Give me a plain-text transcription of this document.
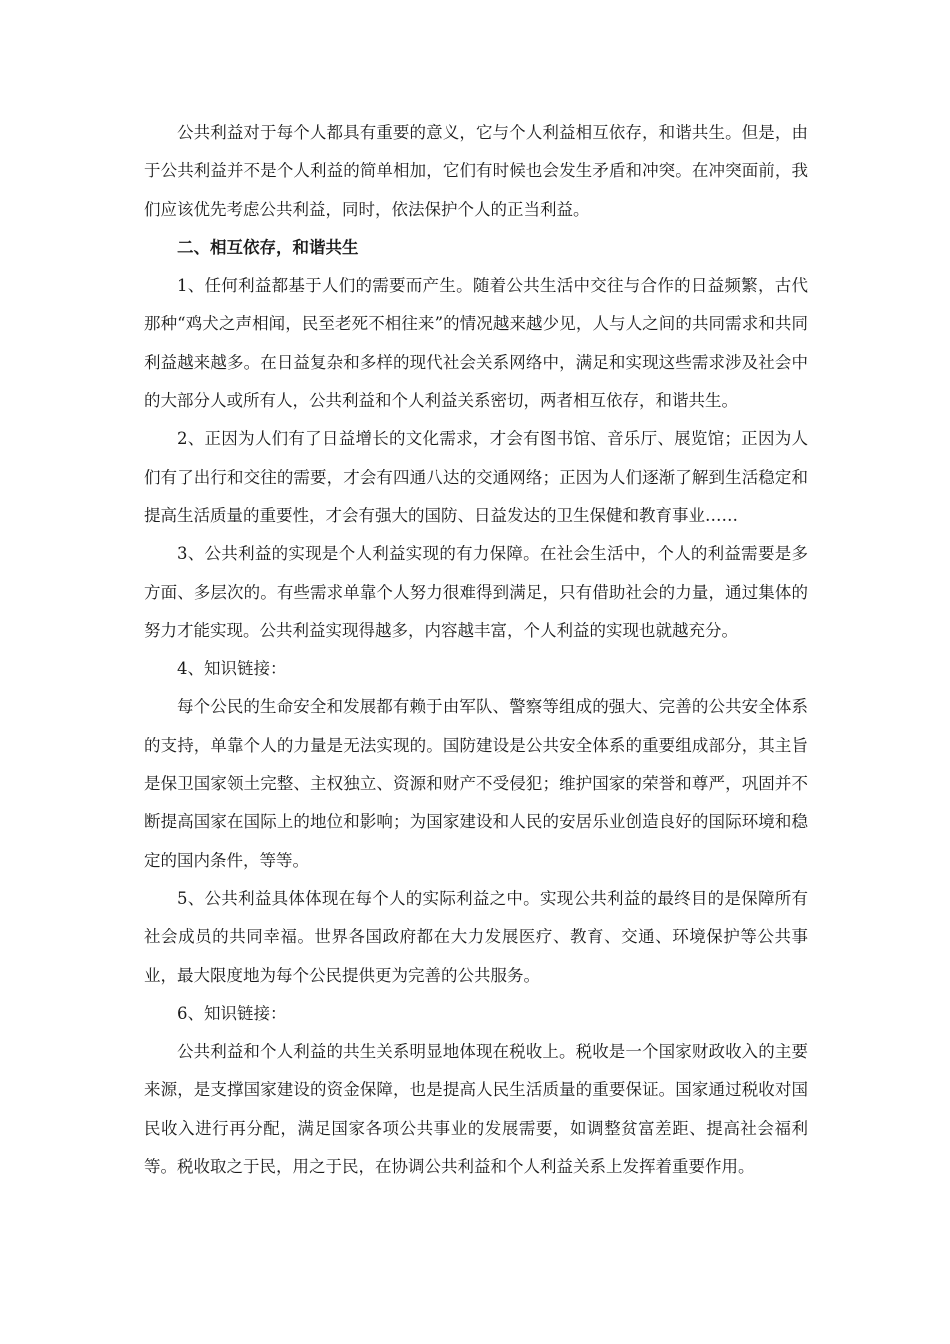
公共利益对于每个人都具有重要的意义，它与个人利益相互依存，和谐共生。但是，由于公共利益并不是个人利益的简单相加，它们有时候也会发生矛盾和冲突。在冲突面前，我们应该优先考虑公共利益，同时，依法保护个人的正当利益。

二、相互依存，和谐共生

1、任何利益都基于人们的需要而产生。随着公共生活中交往与合作的日益频繁，古代那种“鸡犬之声相闻，民至老死不相往来”的情况越来越少见，人与人之间的共同需求和共同利益越来越多。在日益复杂和多样的现代社会关系网络中，满足和实现这些需求涉及社会中的大部分人或所有人，公共利益和个人利益关系密切，两者相互依存，和谐共生。

2、正因为人们有了日益增长的文化需求，才会有图书馆、音乐厅、展览馆；正因为人们有了出行和交往的需要，才会有四通八达的交通网络；正因为人们逐渐了解到生活稳定和提高生活质量的重要性，才会有强大的国防、日益发达的卫生保健和教育事业……

3、公共利益的实现是个人利益实现的有力保障。在社会生活中，个人的利益需要是多方面、多层次的。有些需求单靠个人努力很难得到满足，只有借助社会的力量，通过集体的努力才能实现。公共利益实现得越多，内容越丰富，个人利益的实现也就越充分。

4、知识链接：

每个公民的生命安全和发展都有赖于由军队、警察等组成的强大、完善的公共安全体系的支持，单靠个人的力量是无法实现的。国防建设是公共安全体系的重要组成部分，其主旨是保卫国家领土完整、主权独立、资源和财产不受侵犯；维护国家的荣誉和尊严，巩固并不断提高国家在国际上的地位和影响；为国家建设和人民的安居乐业创造良好的国际环境和稳定的国内条件，等等。

5、公共利益具体体现在每个人的实际利益之中。实现公共利益的最终目的是保障所有社会成员的共同幸福。世界各国政府都在大力发展医疗、教育、交通、环境保护等公共事业，最大限度地为每个公民提供更为完善的公共服务。

6、知识链接：

公共利益和个人利益的共生关系明显地体现在税收上。税收是一个国家财政收入的主要来源，是支撑国家建设的资金保障，也是提高人民生活质量的重要保证。国家通过税收对国民收入进行再分配，满足国家各项公共事业的发展需要，如调整贫富差距、提高社会福利等。税收取之于民，用之于民，在协调公共利益和个人利益关系上发挥着重要作用。
